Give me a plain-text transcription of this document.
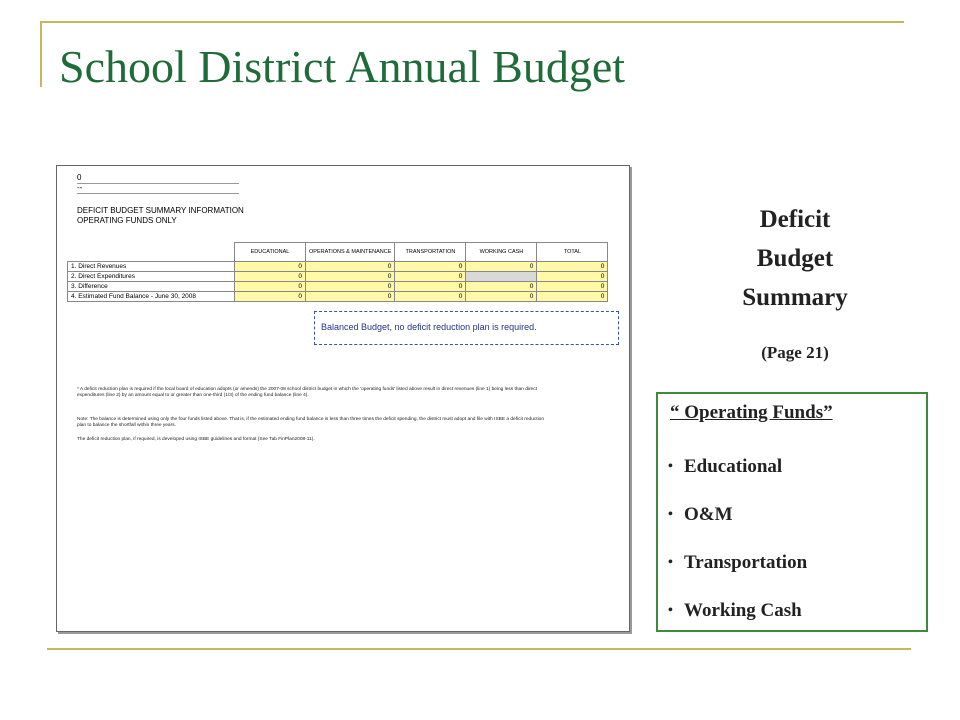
School District Annual Budget
0
--
DEFICIT BUDGET SUMMARY INFORMATION
OPERATING FUNDS ONLY
	EDUCATIONAL	OPERATIONS & MAINTENANCE	TRANSPORTATION	WORKING CASH	TOTAL
1. Direct Revenues	0	0	0	0	0
2. Direct Expenditures	0	0	0		0
3. Difference	0	0	0	0	0
4. Estimated Fund Balance - June 30, 2008	0	0	0	0	0
Balanced Budget, no deficit reduction plan is required.
* A deficit reduction plan is required if the local board of education adopts (or amends) the 2007-08 school district budget in which the 'operating funds' listed above result in direct revenues (line 1) being less than direct expenditures (line 2) by an amount equal to or greater than one-third (1/3) of the ending fund balance (line 4).
Note: The balance is determined using only the four funds listed above. That is, if the estimated ending fund balance is less than three times the deficit spending, the district must adopt and file with ISBE a deficit reduction plan to balance the shortfall within three years.
The deficit reduction plan, if required, is developed using ISBE guidelines and format (See Tab FinPlan2008-11).
Deficit
Budget
Summary
(Page 21)
“ Operating Funds”
• Educational
• O&M
• Transportation
• Working Cash
